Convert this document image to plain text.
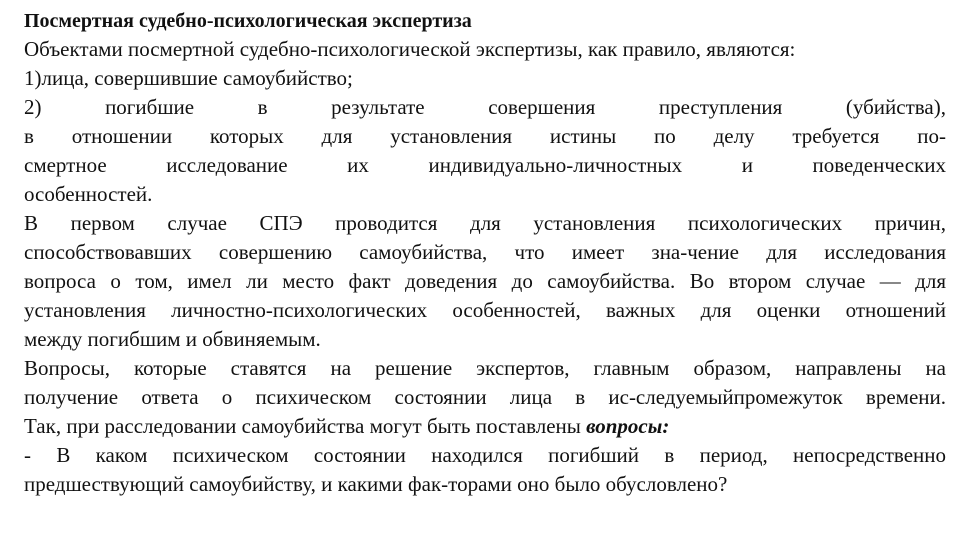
Посмертная судебно-психологическая экспертиза
Объектами посмертной судебно-психологической экспертизы, как правило, являются:
1)лица, совершившие самоубийство;
2) погибшие в результате совершения преступления (убийства),
в отношении которых для установления истины по делу требуется по-
смертное исследование их индивидуально-личностных и поведенческих
особенностей.
В первом случае СПЭ проводится для установления психологических причин,
способствовавших совершению самоубийства, что имеет зна-чение для исследования
вопроса о том, имел ли место факт доведения до самоубийства. Во втором случае — для
установления личностно-психологических особенностей, важных для оценки отношений
между погибшим и обвиняемым.
Вопросы, которые ставятся на решение экспертов, главным образом, направлены на
получение ответа о психическом состоянии лица в ис-следуемыйпромежуток времени.
Так, при расследовании самоубийства могут быть поставлены вопросы:
- В каком психическом состоянии находился погибший в период, непосредственно
предшествующий самоубийству, и какими фак-торами оно было обусловлено?
